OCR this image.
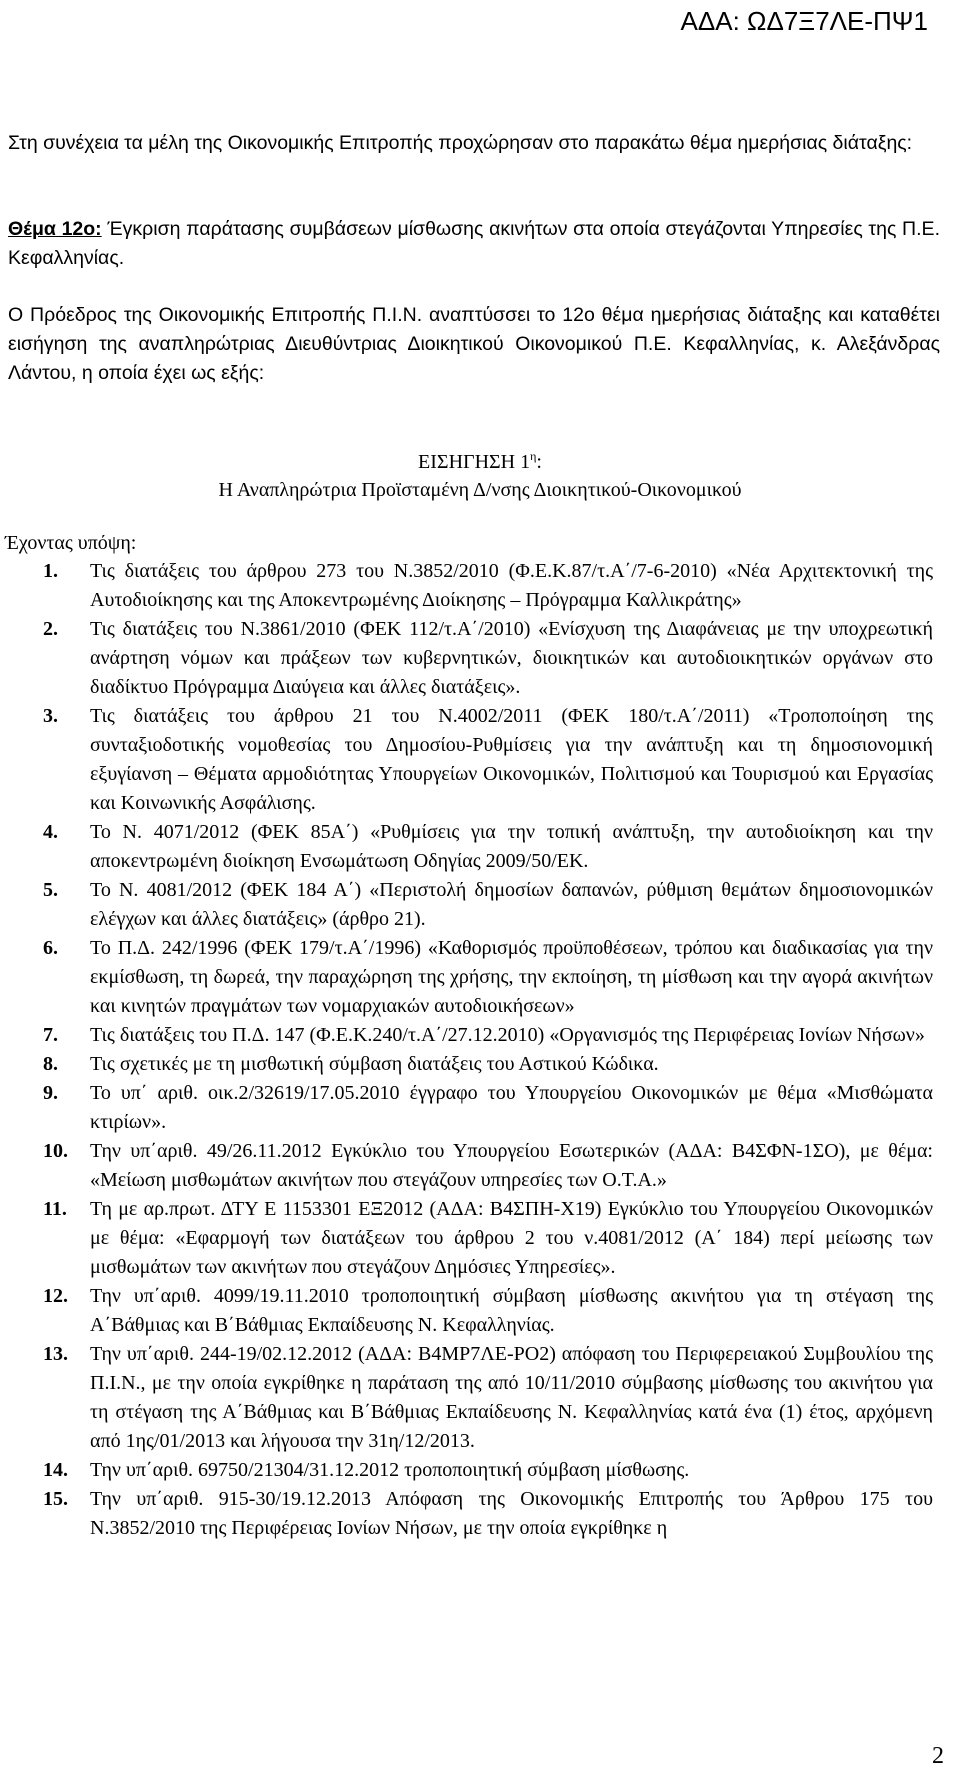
ΑΔΑ: ΩΔ7Ξ7ΛΕ-ΠΨ1

Στη συνέχεια τα μέλη της Οικονομικής Επιτροπής προχώρησαν στο παρακάτω θέμα ημερήσιας διάταξης:

Θέμα 12ο: Έγκριση παράτασης συμβάσεων μίσθωσης ακινήτων στα οποία στεγάζονται Υπηρεσίες της Π.Ε. Κεφαλληνίας.

Ο Πρόεδρος της Οικονομικής Επιτροπής Π.Ι.Ν. αναπτύσσει το 12ο θέμα ημερήσιας διάταξης και καταθέτει εισήγηση της αναπληρώτριας Διευθύντριας Διοικητικού Οικονομικού Π.Ε. Κεφαλληνίας, κ. Αλεξάνδρας Λάντου, η οποία έχει ως εξής:

ΕΙΣΗΓΗΣΗ $1^\eta$:
Η Αναπληρώτρια Προϊσταμένη Δ/νσης Διοικητικού-Οικονομικού
Έχοντας υπόψη:
1.	Τις διατάξεις του άρθρου 273 του Ν.3852/2010 (Φ.Ε.Κ.87/τ.Α΄/7-6-2010) «Νέα Αρχιτεκτονική της Αυτοδιοίκησης και της Αποκεντρωμένης Διοίκησης – Πρόγραμμα Καλλικράτης»
2.	Τις διατάξεις του Ν.3861/2010 (ΦΕΚ 112/τ.Α΄/2010) «Ενίσχυση της Διαφάνειας με την υποχρεωτική ανάρτηση νόμων και πράξεων των κυβερνητικών, διοικητικών και αυτοδιοικητικών οργάνων στο διαδίκτυο Πρόγραμμα Διαύγεια και άλλες διατάξεις».
3.	Τις διατάξεις του άρθρου 21 του Ν.4002/2011 (ΦΕΚ 180/τ.Α΄/2011) «Τροποποίηση της συνταξιοδοτικής νομοθεσίας του Δημοσίου-Ρυθμίσεις για την ανάπτυξη και τη δημοσιονομική εξυγίανση – Θέματα αρμοδιότητας Υπουργείων Οικονομικών, Πολιτισμού και Τουρισμού και Εργασίας και Κοινωνικής Ασφάλισης.
4.	Το Ν. 4071/2012 (ΦΕΚ 85Α΄) «Ρυθμίσεις για την τοπική ανάπτυξη, την αυτοδιοίκηση και την αποκεντρωμένη διοίκηση Ενσωμάτωση Οδηγίας 2009/50/ΕΚ.
5.	Το Ν. 4081/2012 (ΦΕΚ 184 Α΄) «Περιστολή δημοσίων δαπανών, ρύθμιση θεμάτων δημοσιονομικών ελέγχων και άλλες διατάξεις» (άρθρο 21).
6.	Το Π.Δ. 242/1996 (ΦΕΚ 179/τ.Α΄/1996) «Καθορισμός προϋποθέσεων, τρόπου και διαδικασίας για την εκμίσθωση, τη δωρεά, την παραχώρηση της χρήσης, την εκποίηση, τη μίσθωση και την αγορά ακινήτων και κινητών πραγμάτων των νομαρχιακών αυτοδιοικήσεων»
7.	Τις διατάξεις του Π.Δ. 147 (Φ.Ε.Κ.240/τ.Α΄/27.12.2010) «Οργανισμός της Περιφέρειας Ιονίων Νήσων»
8.	Τις σχετικές με τη μισθωτική σύμβαση διατάξεις του Αστικού Κώδικα.
9.	Το υπ΄ αριθ. οικ.2/32619/17.05.2010 έγγραφο του Υπουργείου Οικονομικών με θέμα «Μισθώματα κτιρίων».
10.	Την υπ΄αριθ. 49/26.11.2012 Εγκύκλιο του Υπουργείου Εσωτερικών (ΑΔΑ: Β4ΣΦΝ-1ΣΟ), με θέμα: «Μείωση μισθωμάτων ακινήτων που στεγάζουν υπηρεσίες των Ο.Τ.Α.»
11.	Τη με αρ.πρωτ. ΔΤΥ Ε 1153301 ΕΞ2012 (ΑΔΑ: Β4ΣΠΗ-Χ19) Εγκύκλιο του Υπουργείου Οικονομικών με θέμα: «Εφαρμογή των διατάξεων του άρθρου 2 του ν.4081/2012 (Α΄ 184) περί μείωσης των μισθωμάτων των ακινήτων που στεγάζουν Δημόσιες Υπηρεσίες».
12.	Την υπ΄αριθ. 4099/19.11.2010 τροποποιητική σύμβαση μίσθωσης ακινήτου για τη στέγαση της Α΄Βάθμιας και Β΄Βάθμιας Εκπαίδευσης Ν. Κεφαλληνίας.
13.	Την υπ΄αριθ. 244-19/02.12.2012 (ΑΔΑ: Β4ΜΡ7ΛΕ-ΡΟ2) απόφαση του Περιφερειακού Συμβουλίου της Π.Ι.Ν., με την οποία εγκρίθηκε η παράταση της από 10/11/2010 σύμβασης μίσθωσης του ακινήτου για τη στέγαση της Α΄Βάθμιας και Β΄Βάθμιας Εκπαίδευσης Ν. Κεφαλληνίας κατά ένα (1) έτος, αρχόμενη από 1ης/01/2013 και λήγουσα την 31η/12/2013.
14.	Την υπ΄αριθ. 69750/21304/31.12.2012 τροποποιητική σύμβαση μίσθωσης.
15.	Την υπ΄αριθ. 915-30/19.12.2013 Απόφαση της Οικονομικής Επιτροπής του Άρθρου 175 του Ν.3852/2010 της Περιφέρειας Ιονίων Νήσων, με την οποία εγκρίθηκε η
2
